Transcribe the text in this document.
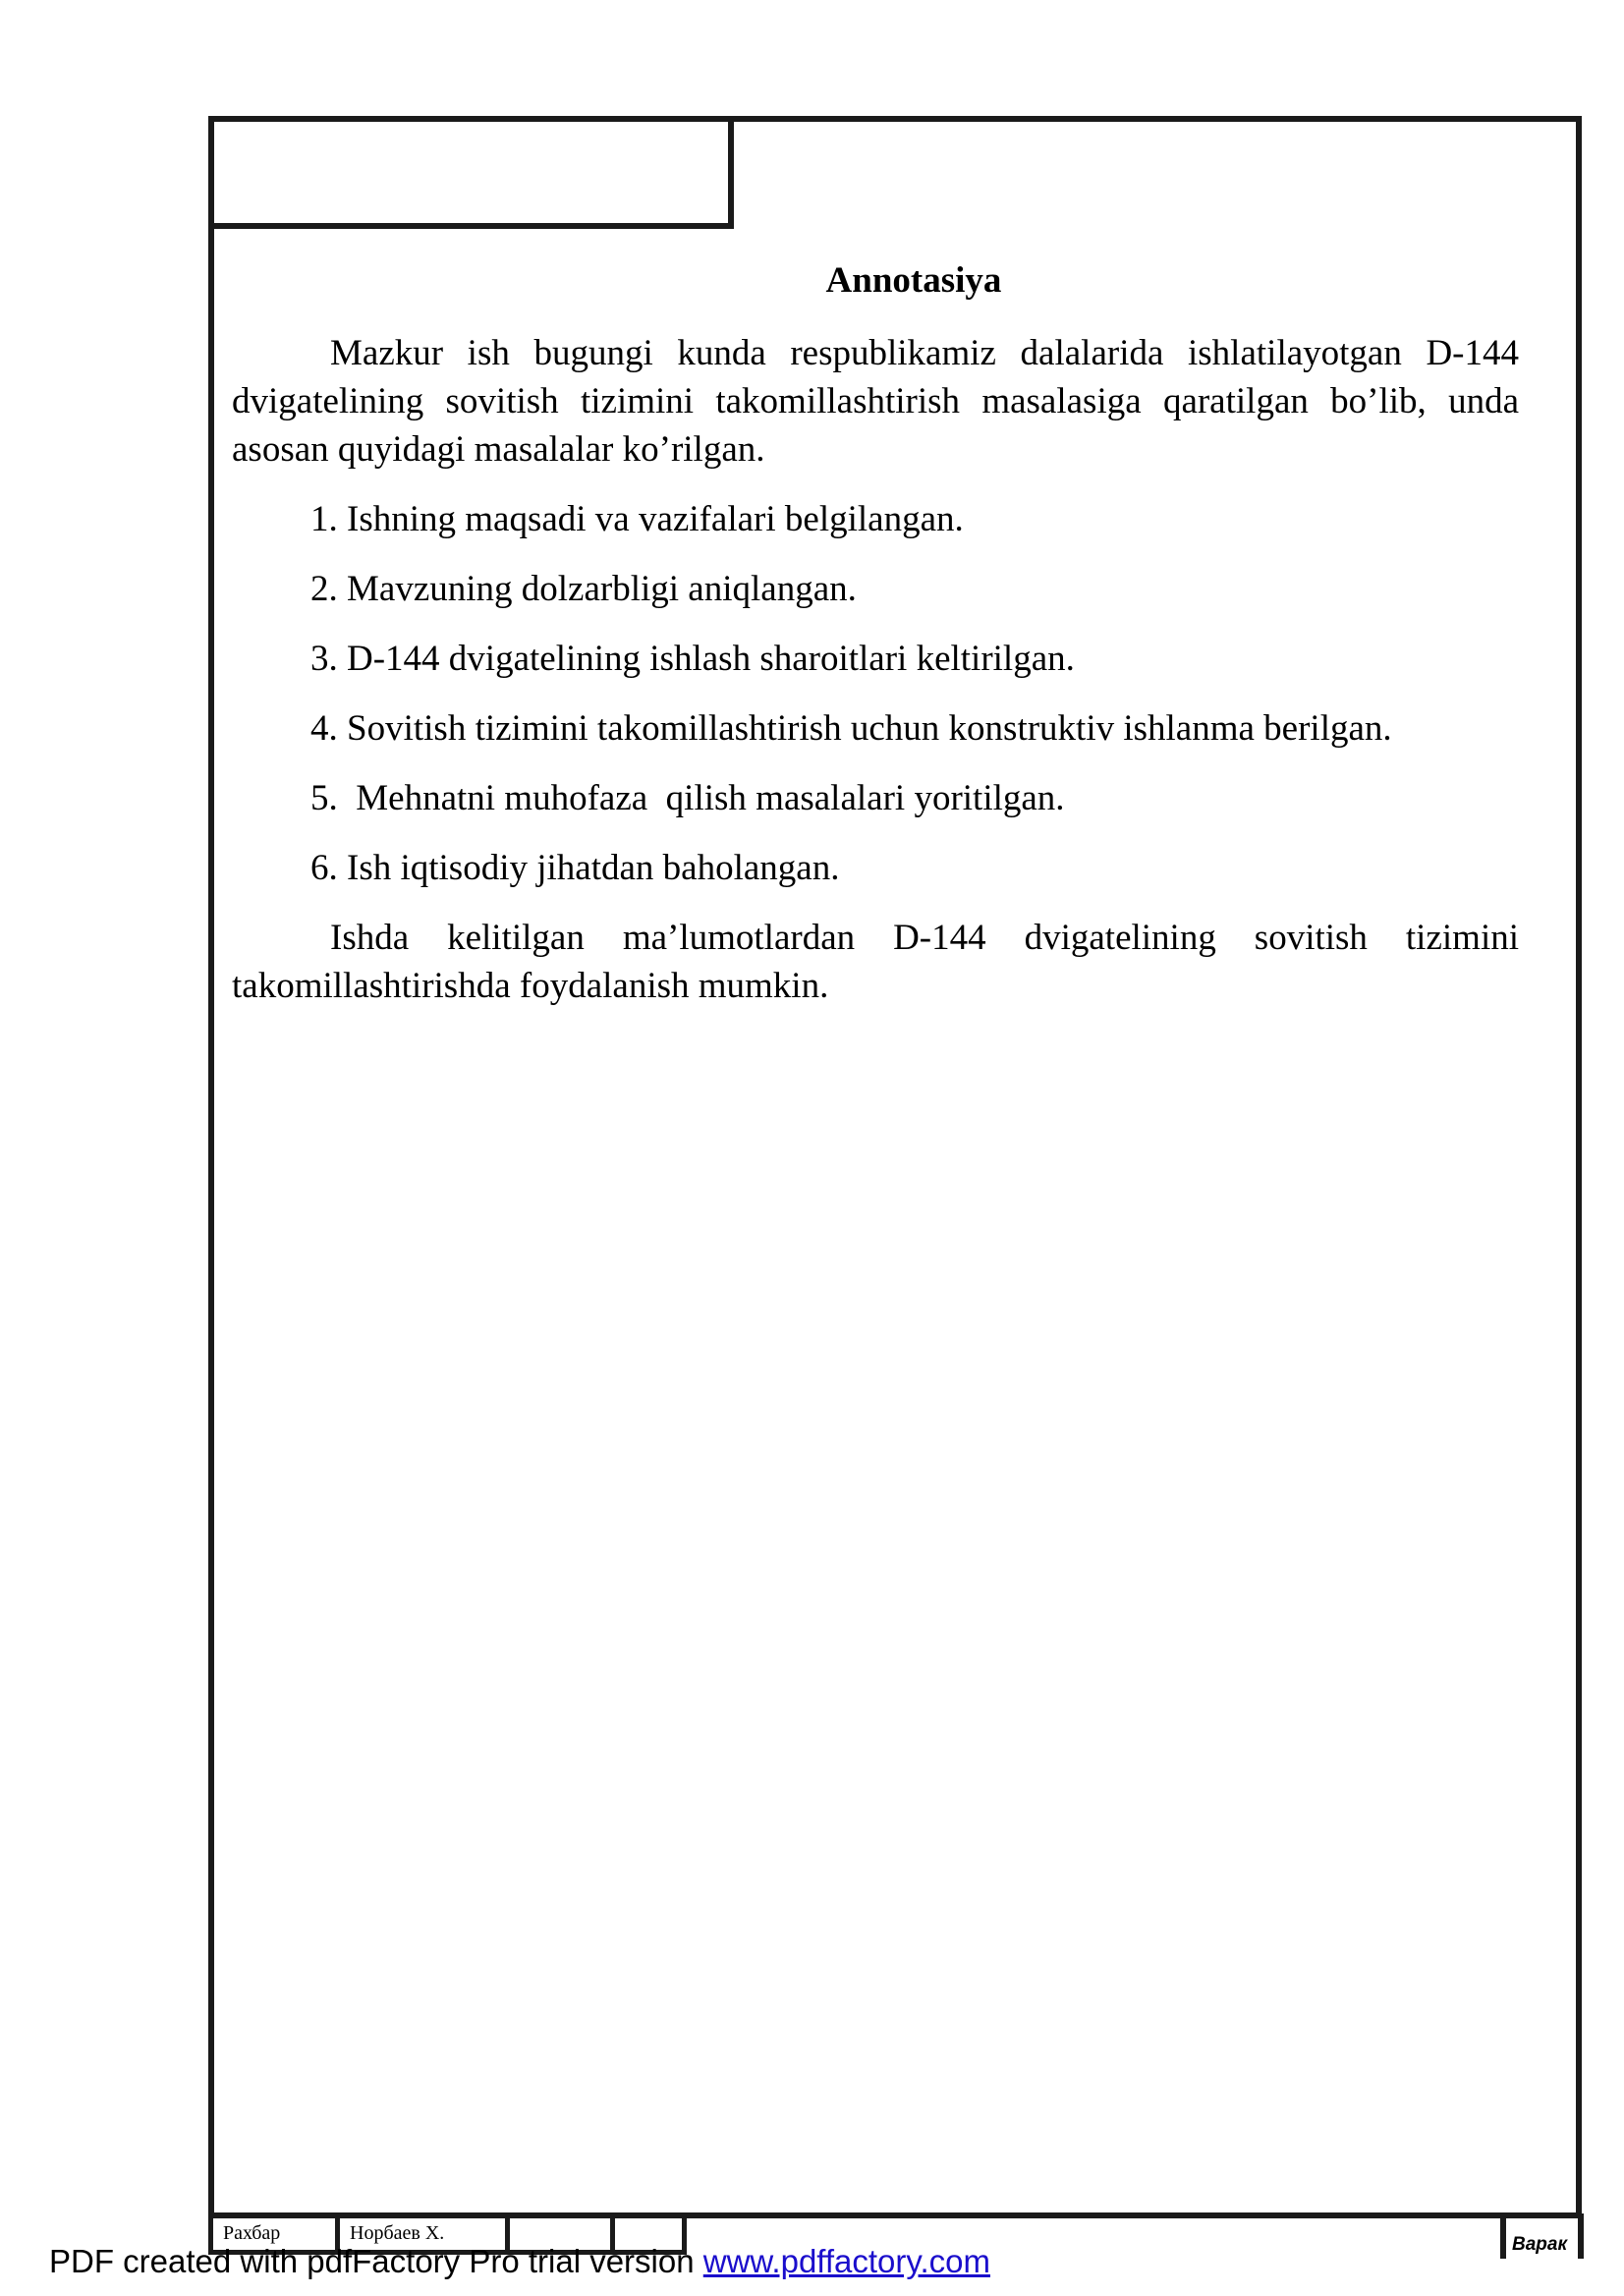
Annotasiya

Mazkur ish bugungi kunda respublikamiz dalalarida ishlatilayotgan D-144 dvigatelining sovitish tizimini takomillashtirish masalasiga qaratilgan bo’lib, unda asosan quyidagi masalalar ko’rilgan.

1. Ishning maqsadi va vazifalari belgilangan.

2. Mavzuning dolzarbligi aniqlangan.

3. D-144 dvigatelining ishlash sharoitlari keltirilgan.

4. Sovitish tizimini takomillashtirish uchun konstruktiv ishlanma berilgan.

5.  Mehnatni muhofaza  qilish masalalari yoritilgan.

6. Ish iqtisodiy jihatdan baholangan.

Ishda kelitilgan ma’lumotlardan D-144 dvigatelining sovitish tizimini takomillashtirishda foydalanish mumkin.

Рахбар	Норбаев Х.
Варак
PDF created with pdfFactory Pro trial version www.pdffactory.com
